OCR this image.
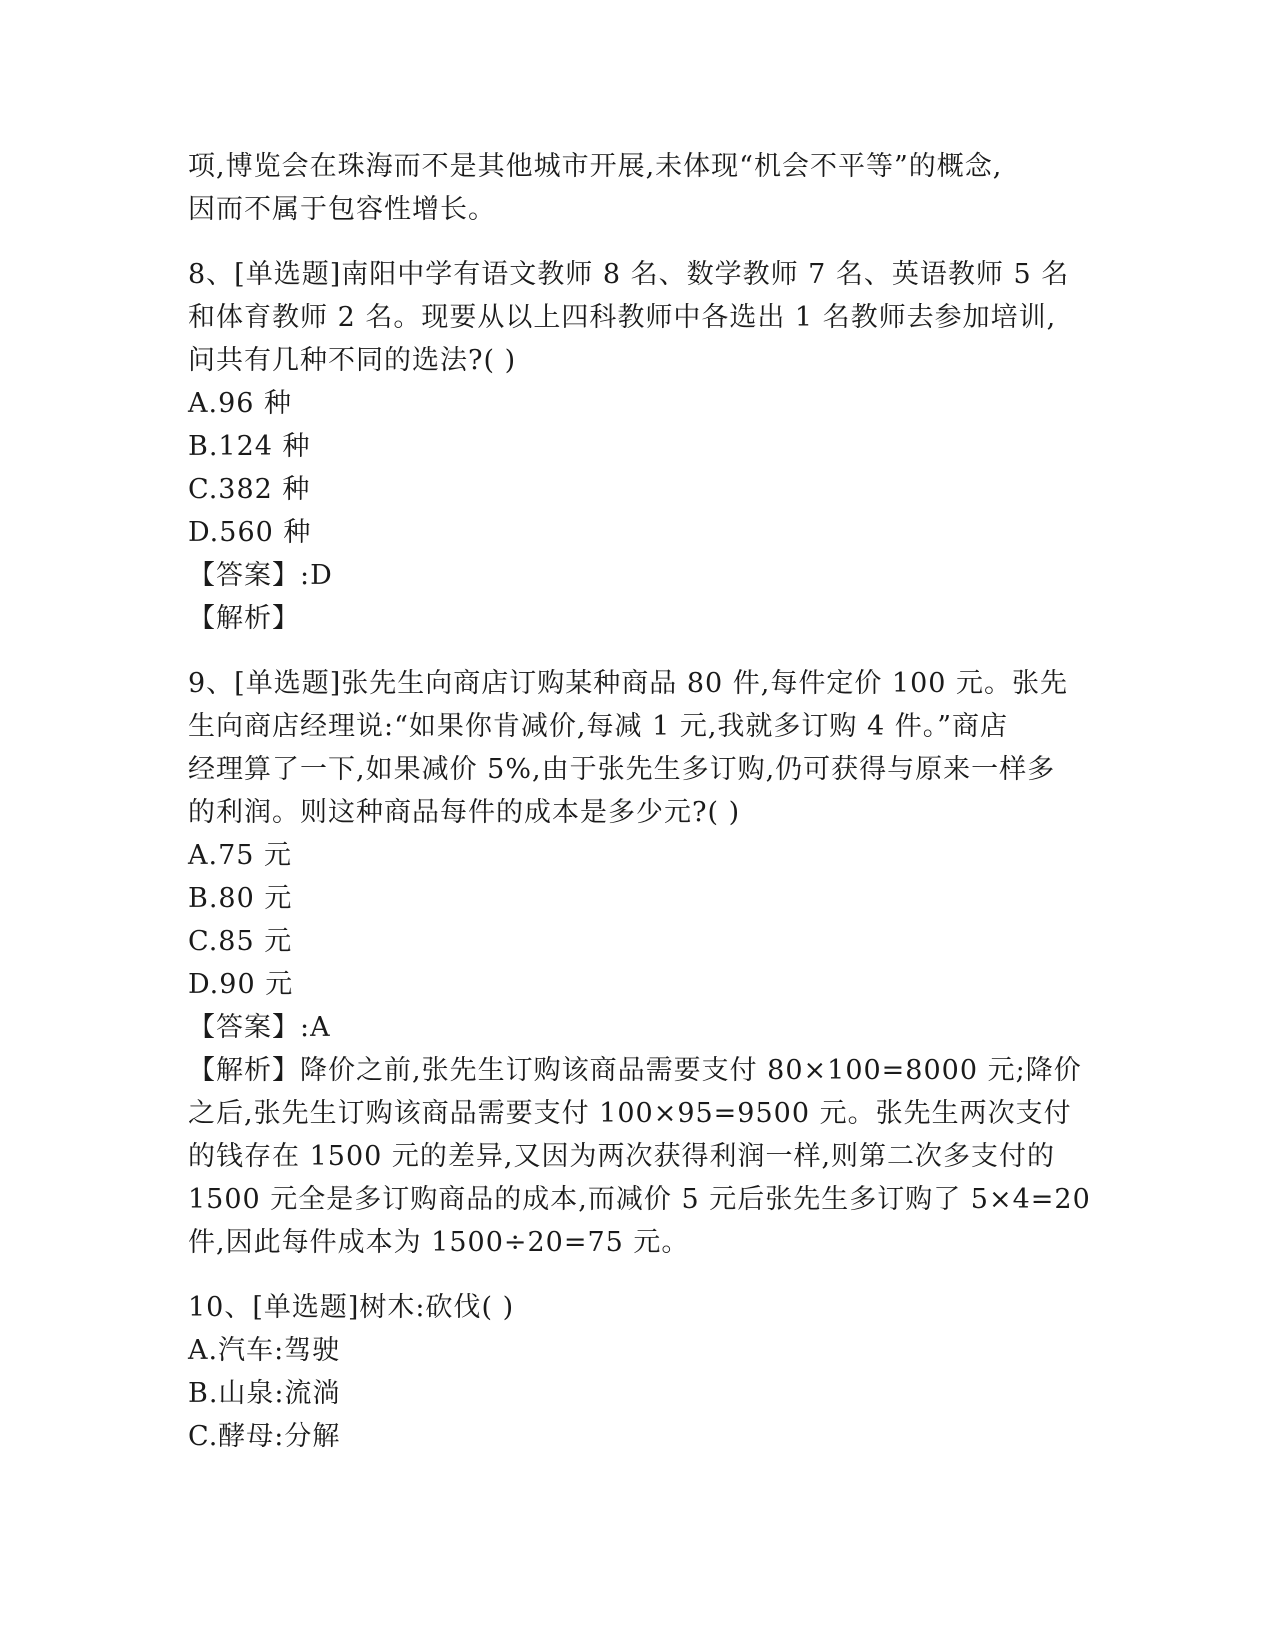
项,博览会在珠海而不是其他城市开展,未体现“机会不平等”的概念,
因而不属于包容性增长。
8、[单选题]南阳中学有语文教师 8 名、数学教师 7 名、英语教师 5 名
和体育教师 2 名。现要从以上四科教师中各选出 1 名教师去参加培训,
问共有几种不同的选法?( )
A.96 种
B.124 种
C.382 种
D.560 种
【答案】:D
【解析】
9、[单选题]张先生向商店订购某种商品 80 件,每件定价 100 元。张先
生向商店经理说:“如果你肯减价,每减 1 元,我就多订购 4 件。”商店
经理算了一下,如果减价 5%,由于张先生多订购,仍可获得与原来一样多
的利润。则这种商品每件的成本是多少元?( )
A.75 元
B.80 元
C.85 元
D.90 元
【答案】:A
【解析】降价之前,张先生订购该商品需要支付 80×100=8000 元;降价
之后,张先生订购该商品需要支付 100×95=9500 元。张先生两次支付
的钱存在 1500 元的差异,又因为两次获得利润一样,则第二次多支付的
1500 元全是多订购商品的成本,而减价 5 元后张先生多订购了 5×4=20
件,因此每件成本为 1500÷20=75 元。
10、[单选题]树木:砍伐( )
A.汽车:驾驶
B.山泉:流淌
C.酵母:分解
